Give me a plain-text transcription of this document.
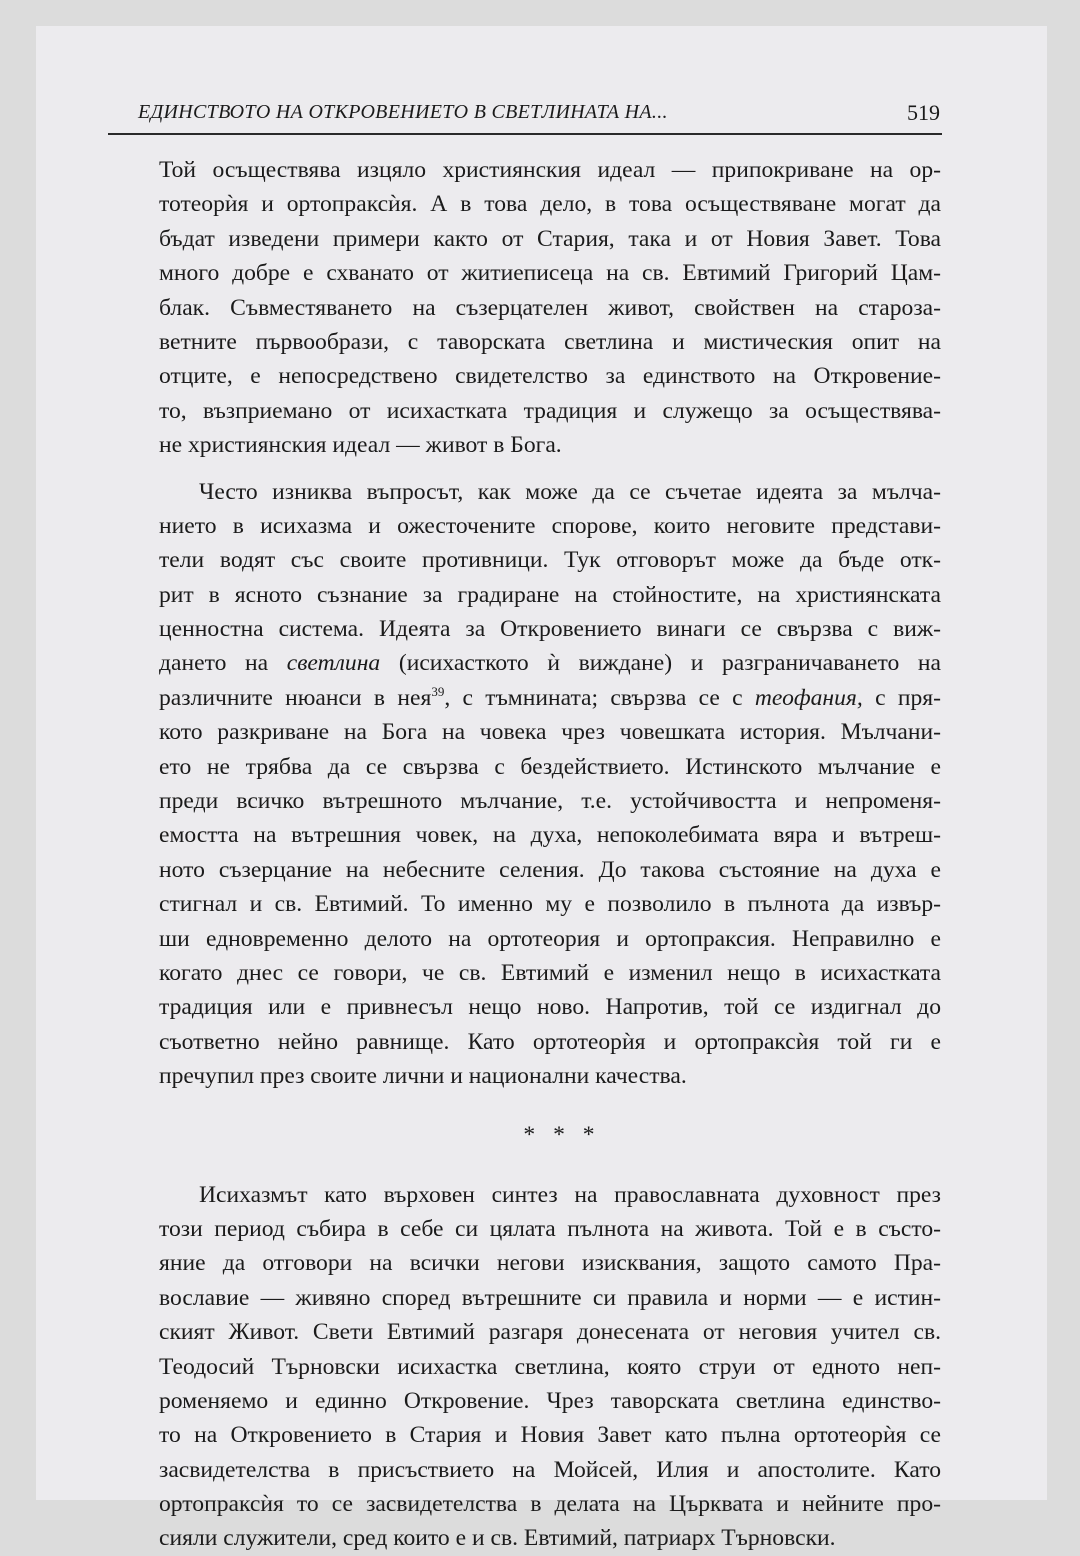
ЕДИНСТВОТО НА ОТКРОВЕНИЕТО В СВЕТЛИНАТА НА...	519
Той осъществява изцяло християнския идеал — припокриване на ор-
тотеорѝя и ортопраксѝя. А в това дело, в това осъществяване могат да
бъдат изведени примери както от Стария, така и от Новия Завет. Това
много добре е схванато от житиеписеца на св. Евтимий Григорий Цам-
блак. Съвместяването на съзерцателен живот, свойствен на староза-
ветните първообрази, с таворската светлина и мистическия опит на
отците, е непосредствено свидетелство за единството на Откровение-
то, възприемано от исихастката традиция и служещо за осъществява-
не християнския идеал — живот в Бога.
Често изниква въпросът, как може да се съчетае идеята за мълча-
нието в исихазма и ожесточените спорове, които неговите представи-
тели водят със своите противници. Тук отговорът може да бъде отк-
рит в ясното съзнание за градиране на стойностите, на християнската
ценностна система. Идеята за Откровението винаги се свързва с виж-
дането на светлина (исихасткото ѝ виждане) и разграничаването на
различните нюанси в нея$^{39}$, с тъмнината; свързва се с теофания, с пря-
кото разкриване на Бога на човека чрез човешката история. Мълчани-
ето не трябва да се свързва с бездействието. Истинското мълчание е
преди всичко вътрешното мълчание, т.е. устойчивостта и непроменя-
емостта на вътрешния човек, на духа, непоколебимата вяра и вътреш-
ното съзерцание на небесните селения. До такова състояние на духа е
стигнал и св. Евтимий. То именно му е позволило в пълнота да извър-
ши едновременно делото на ортотеория и ортопраксия. Неправилно е
когато днес се говори, че св. Евтимий е изменил нещо в исихастката
традиция или е привнесъл нещо ново. Напротив, той се издигнал до
съответно нейно равнище. Като ортотеорѝя и ортопраксѝя той ги е
пречупил през своите лични и национални качества.
* * *
Исихазмът като върховен синтез на православната духовност през
този период събира в себе си цялата пълнота на живота. Той е в състо-
яние да отговори на всички негови изисквания, защото самото Пра-
вославие — живяно според вътрешните си правила и норми — е истин-
ският Живот. Свети Евтимий разгаря донесената от неговия учител св.
Теодосий Търновски исихастка светлина, която струи от едното неп-
роменяемо и единно Откровение. Чрез таворската светлина единство-
то на Откровението в Стария и Новия Завет като пълна ортотеорѝя се
засвидетелства в присъствието на Мойсей, Илия и апостолите. Като
ортопраксѝя то се засвидетелства в делата на Църквата и нейните про-
сияли служители, сред които е и св. Евтимий, патриарх Търновски.
